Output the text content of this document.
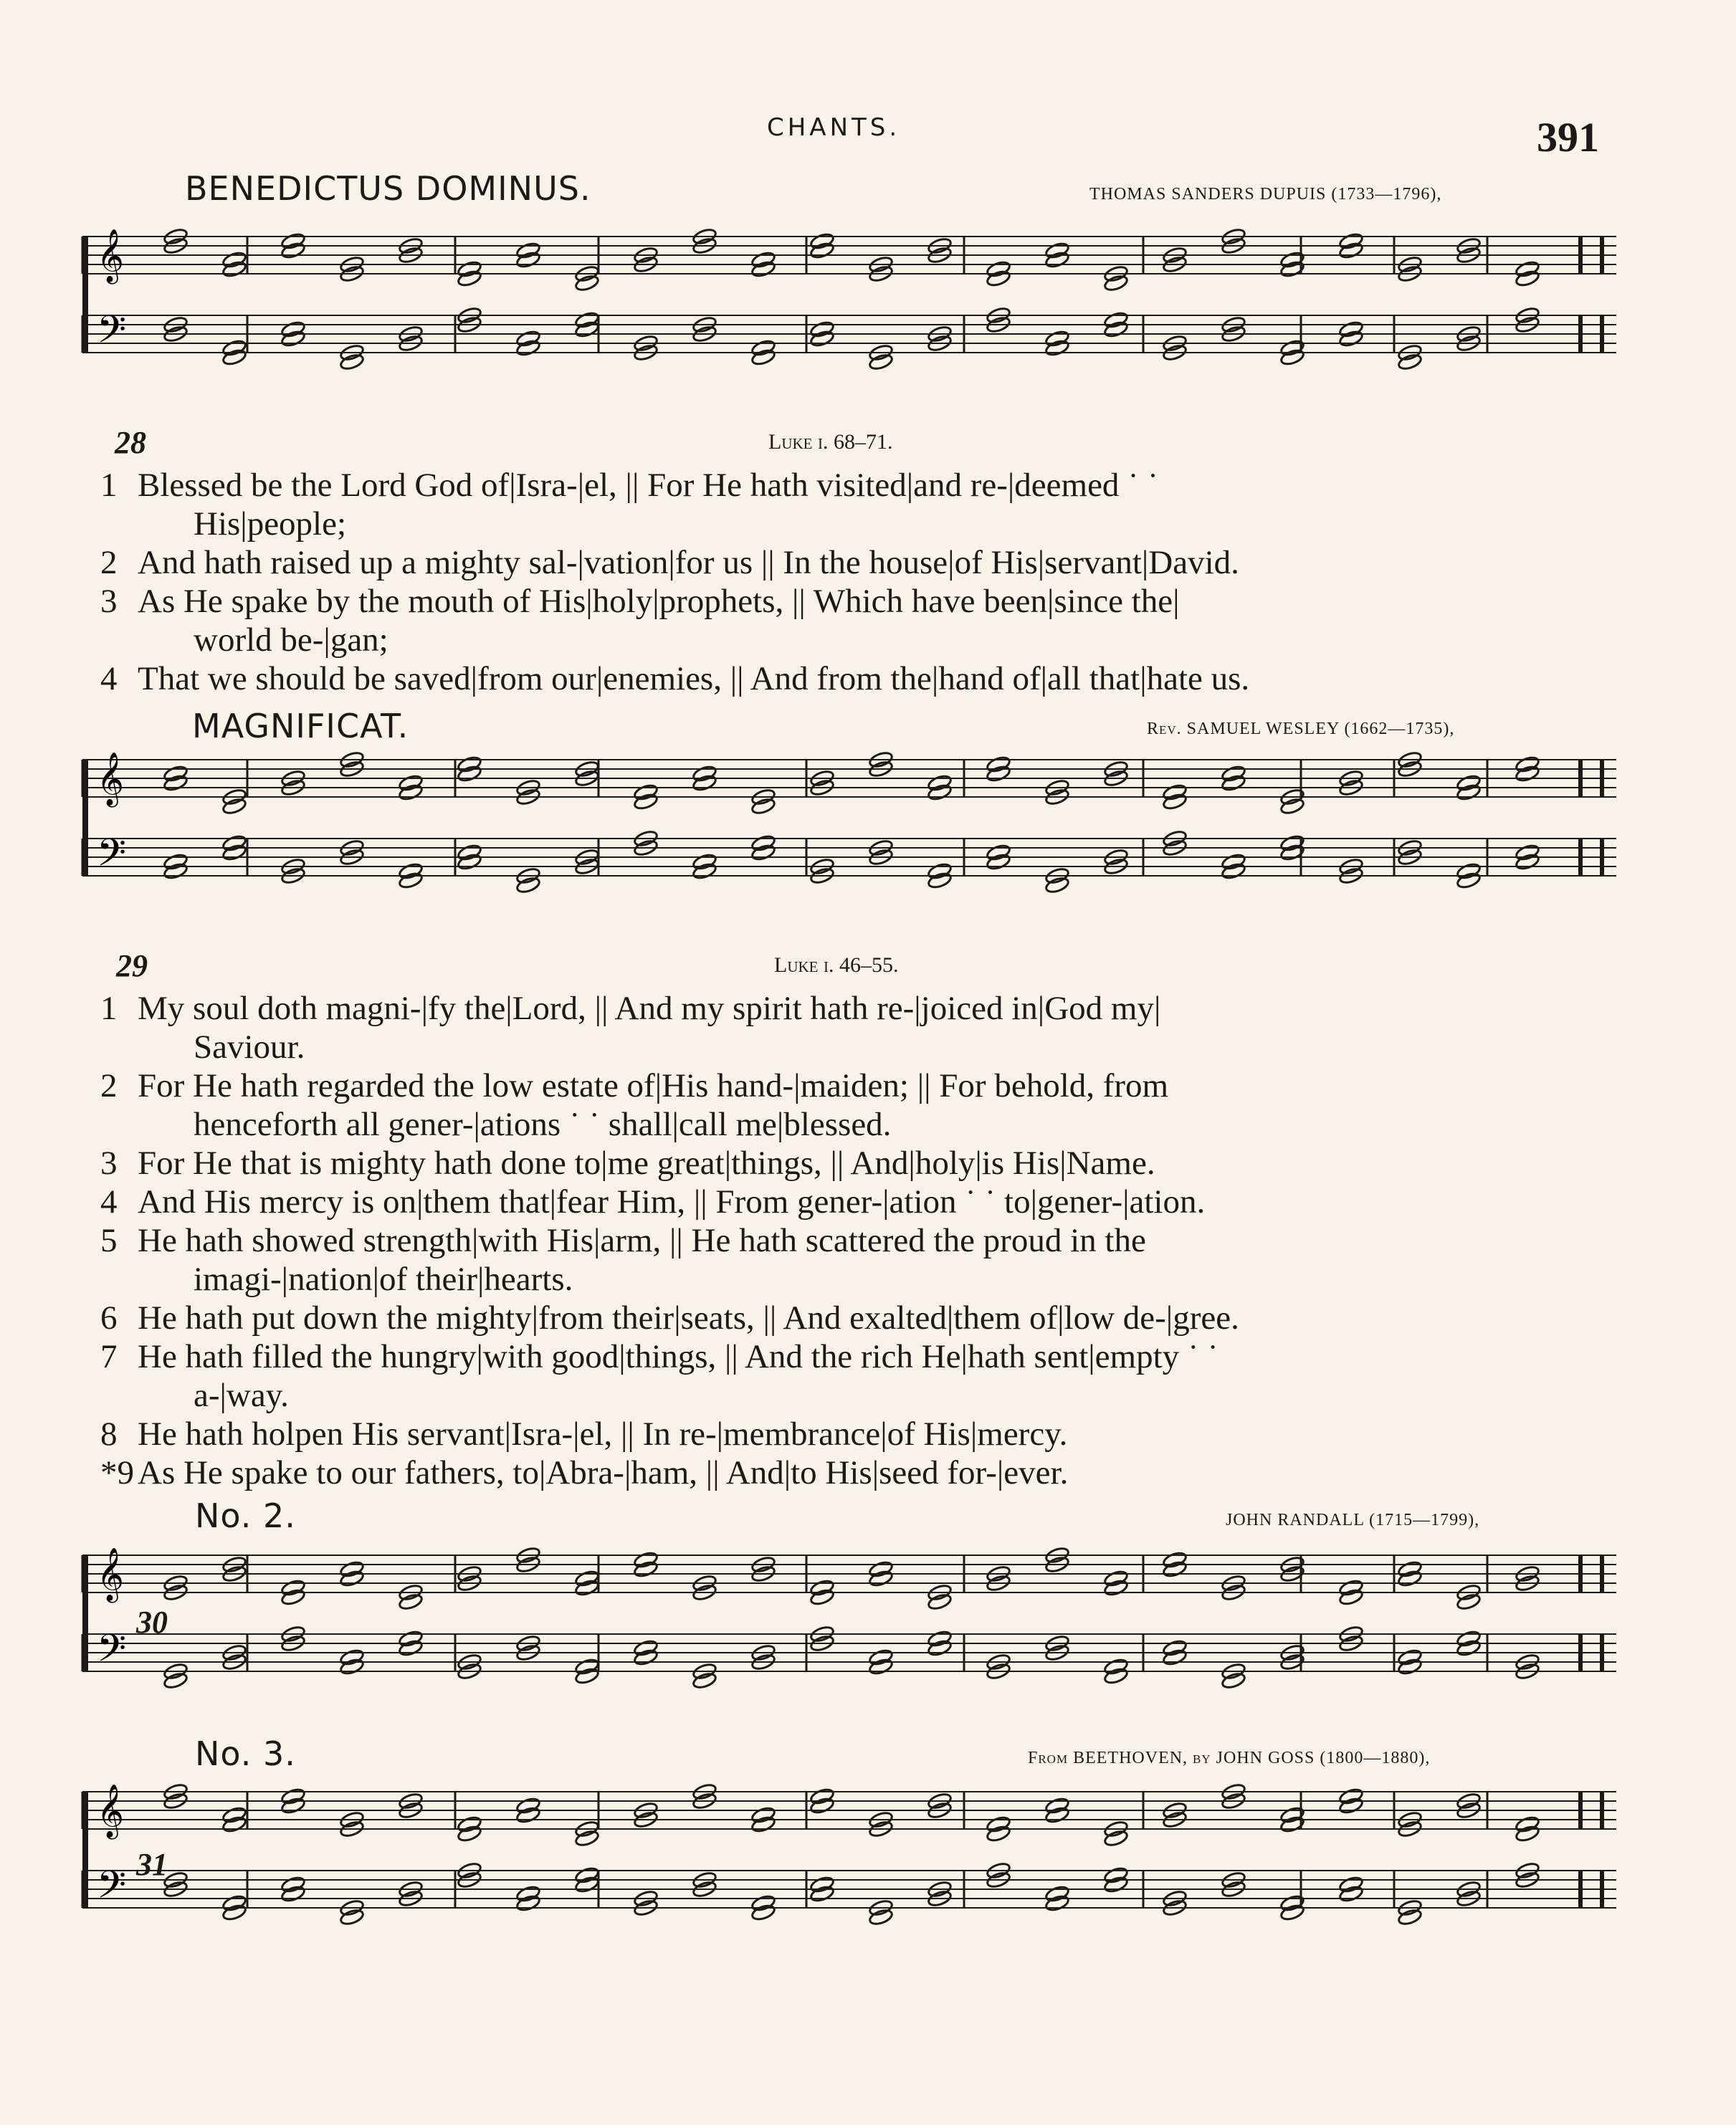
CHANTS.	391
BENEDICTUS DOMINUS.	THOMAS SANDERS DUPUIS (1733—1796),
𝄞
𝄢
28	Luke i. 68–71.
1 Blessed be the Lord God of|Isra-|el, || For He hath visited|and re-|deemed ˙ ˙
His|people;
2 And hath raised up a mighty sal-|vation|for us || In the house|of His|servant|David.
3 As He spake by the mouth of His|holy|prophets, || Which have been|since the|
world be-|gan;
4 That we should be saved|from our|enemies, || And from the|hand of|all that|hate us.
MAGNIFICAT.	Rev. SAMUEL WESLEY (1662—1735),
𝄞
𝄢
29	Luke i. 46–55.
1 My soul doth magni-|fy the|Lord, || And my spirit hath re-|joiced in|God my|
Saviour.
2 For He hath regarded the low estate of|His hand-|maiden; || For behold, from
henceforth all gener-|ations ˙ ˙ shall|call me|blessed.
3 For He that is mighty hath done to|me great|things, || And|holy|is His|Name.
4 And His mercy is on|them that|fear Him, || From gener-|ation ˙ ˙ to|gener-|ation.
5 He hath showed strength|with His|arm, || He hath scattered the proud in the
imagi-|nation|of their|hearts.
6 He hath put down the mighty|from their|seats, || And exalted|them of|low de-|gree.
7 He hath filled the hungry|with good|things, || And the rich He|hath sent|empty ˙ ˙
a-|way.
8 He hath holpen His servant|Isra-|el, || In re-|membrance|of His|mercy.
*9 As He spake to our fathers, to|Abra-|ham, || And|to His|seed for-|ever.
No. 2.	JOHN RANDALL (1715—1799),
𝄞
𝄢
30
No. 3.	From BEETHOVEN, by JOHN GOSS (1800—1880),
𝄞
𝄢 31
